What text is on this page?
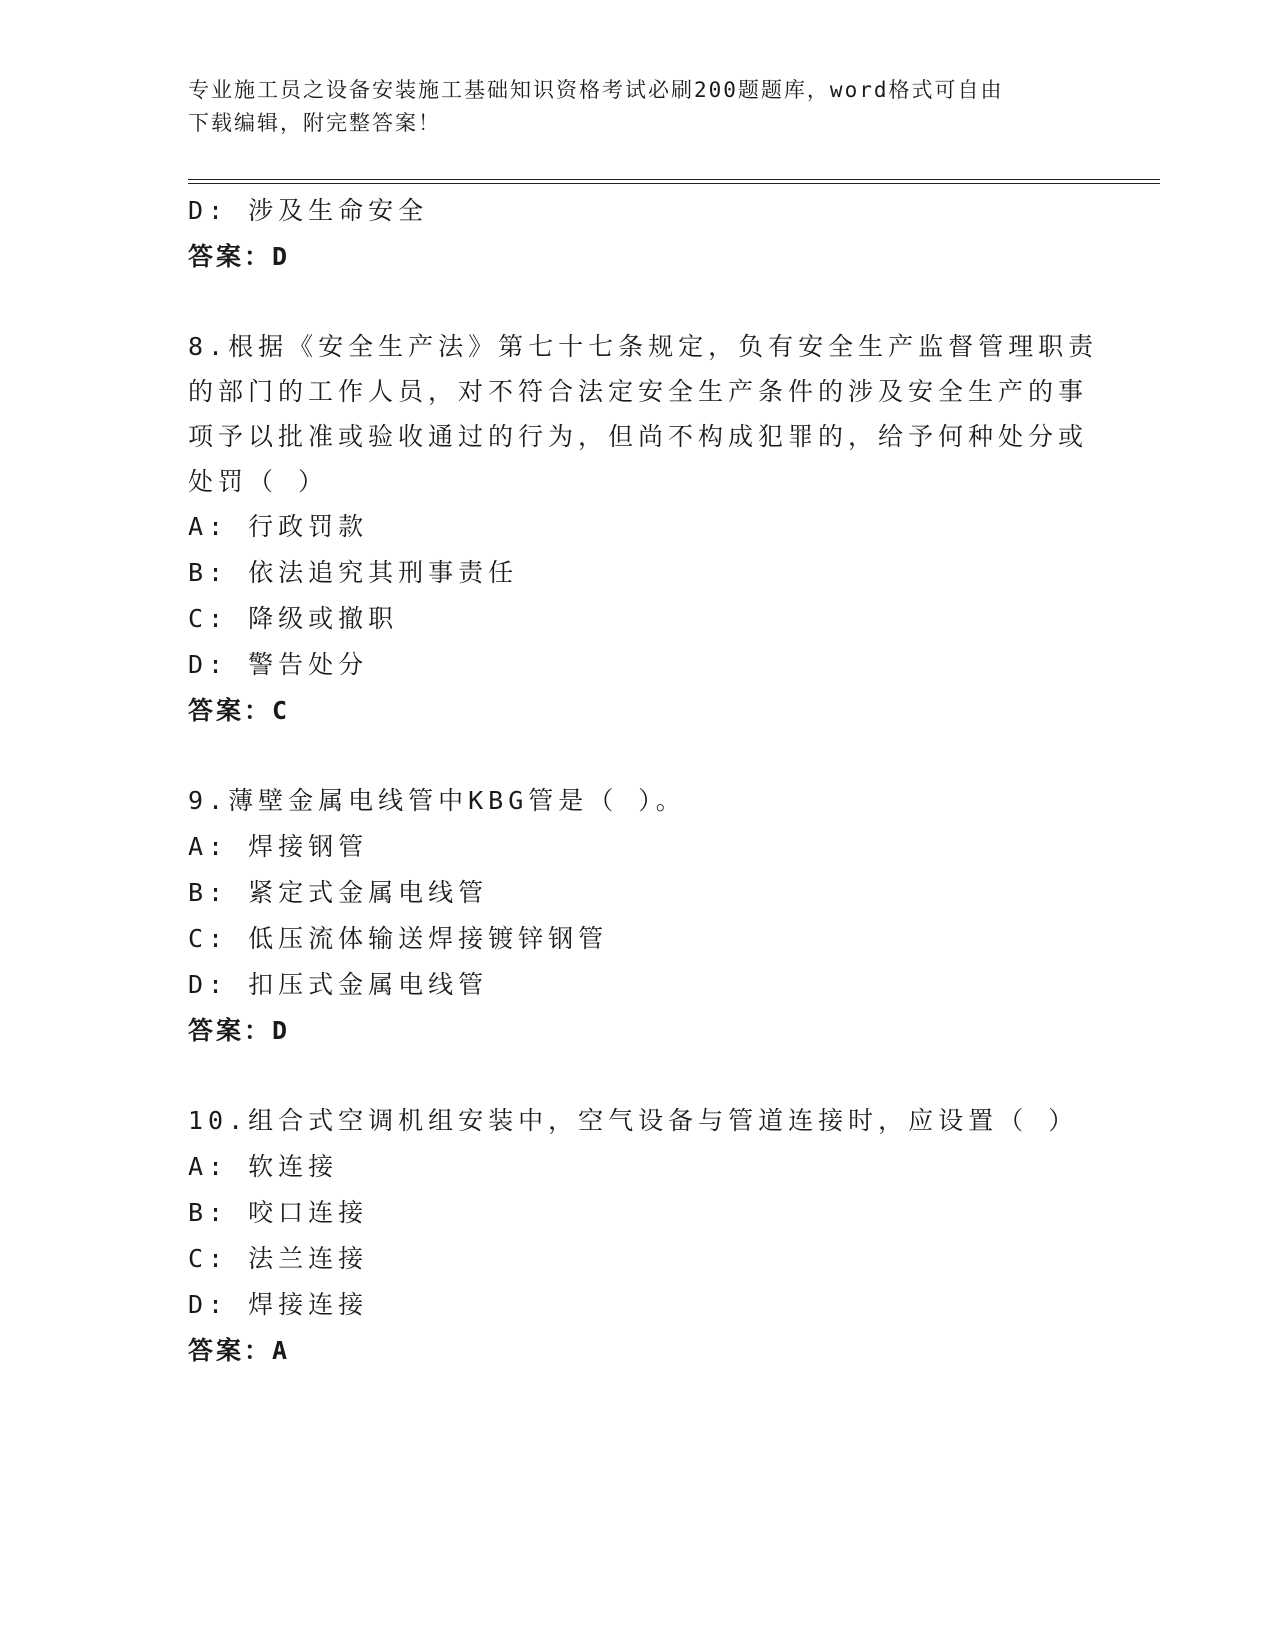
专业施工员之设备安装施工基础知识资格考试必刷200题题库，word格式可自由
下载编辑，附完整答案！
D: 涉及生命安全
答案：D
8.根据《安全生产法》第七十七条规定，负有安全生产监督管理职责
的部门的工作人员，对不符合法定安全生产条件的涉及安全生产的事
项予以批准或验收通过的行为，但尚不构成犯罪的，给予何种处分或
处罚（ ）
A: 行政罚款
B: 依法追究其刑事责任
C: 降级或撤职
D: 警告处分
答案：C
9.薄壁金属电线管中KBG管是（ ）。
A: 焊接钢管
B: 紧定式金属电线管
C: 低压流体输送焊接镀锌钢管
D: 扣压式金属电线管
答案：D
10.组合式空调机组安装中，空气设备与管道连接时，应设置（ ）
A: 软连接
B: 咬口连接
C: 法兰连接
D: 焊接连接
答案：A
